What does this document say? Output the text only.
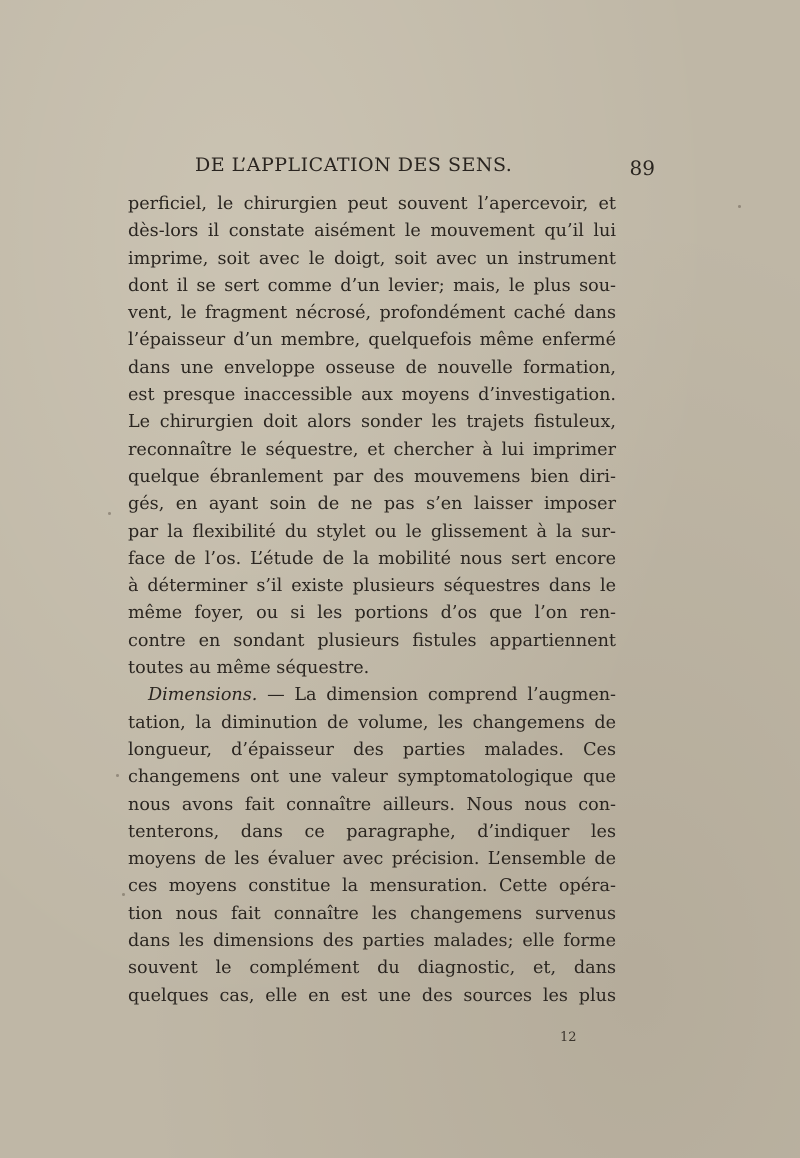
DE L’APPLICATION DES SENS.	89
perficiel, le chirurgien peut souvent l’apercevoir, et
dès-lors il constate aisément le mouvement qu’il lui
imprime, soit avec le doigt, soit avec un instrument
dont il se sert comme d’un levier; mais, le plus sou-
vent, le fragment nécrosé, profondément caché dans
l’épaisseur d’un membre, quelquefois même enfermé
dans une enveloppe osseuse de nouvelle formation,
est presque inaccessible aux moyens d’investigation.
Le chirurgien doit alors sonder les trajets fistuleux,
reconnaître le séquestre, et chercher à lui imprimer
quelque ébranlement par des mouvemens bien diri-
gés, en ayant soin de ne pas s’en laisser imposer
par la flexibilité du stylet ou le glissement à la sur-
face de l’os. L’étude de la mobilité nous sert encore
à déterminer s’il existe plusieurs séquestres dans le
même foyer, ou si les portions d’os que l’on ren-
contre en sondant plusieurs fistules appartiennent
toutes au même séquestre.
Dimensions. — La dimension comprend l’augmen-
tation, la diminution de volume, les changemens de
longueur, d’épaisseur des parties malades. Ces
changemens ont une valeur symptomatologique que
nous avons fait connaître ailleurs. Nous nous con-
tenterons, dans ce paragraphe, d’indiquer les
moyens de les évaluer avec précision. L’ensemble de
ces moyens constitue la mensuration. Cette opéra-
tion nous fait connaître les changemens survenus
dans les dimensions des parties malades; elle forme
souvent le complément du diagnostic, et, dans
quelques cas, elle en est une des sources les plus
12
